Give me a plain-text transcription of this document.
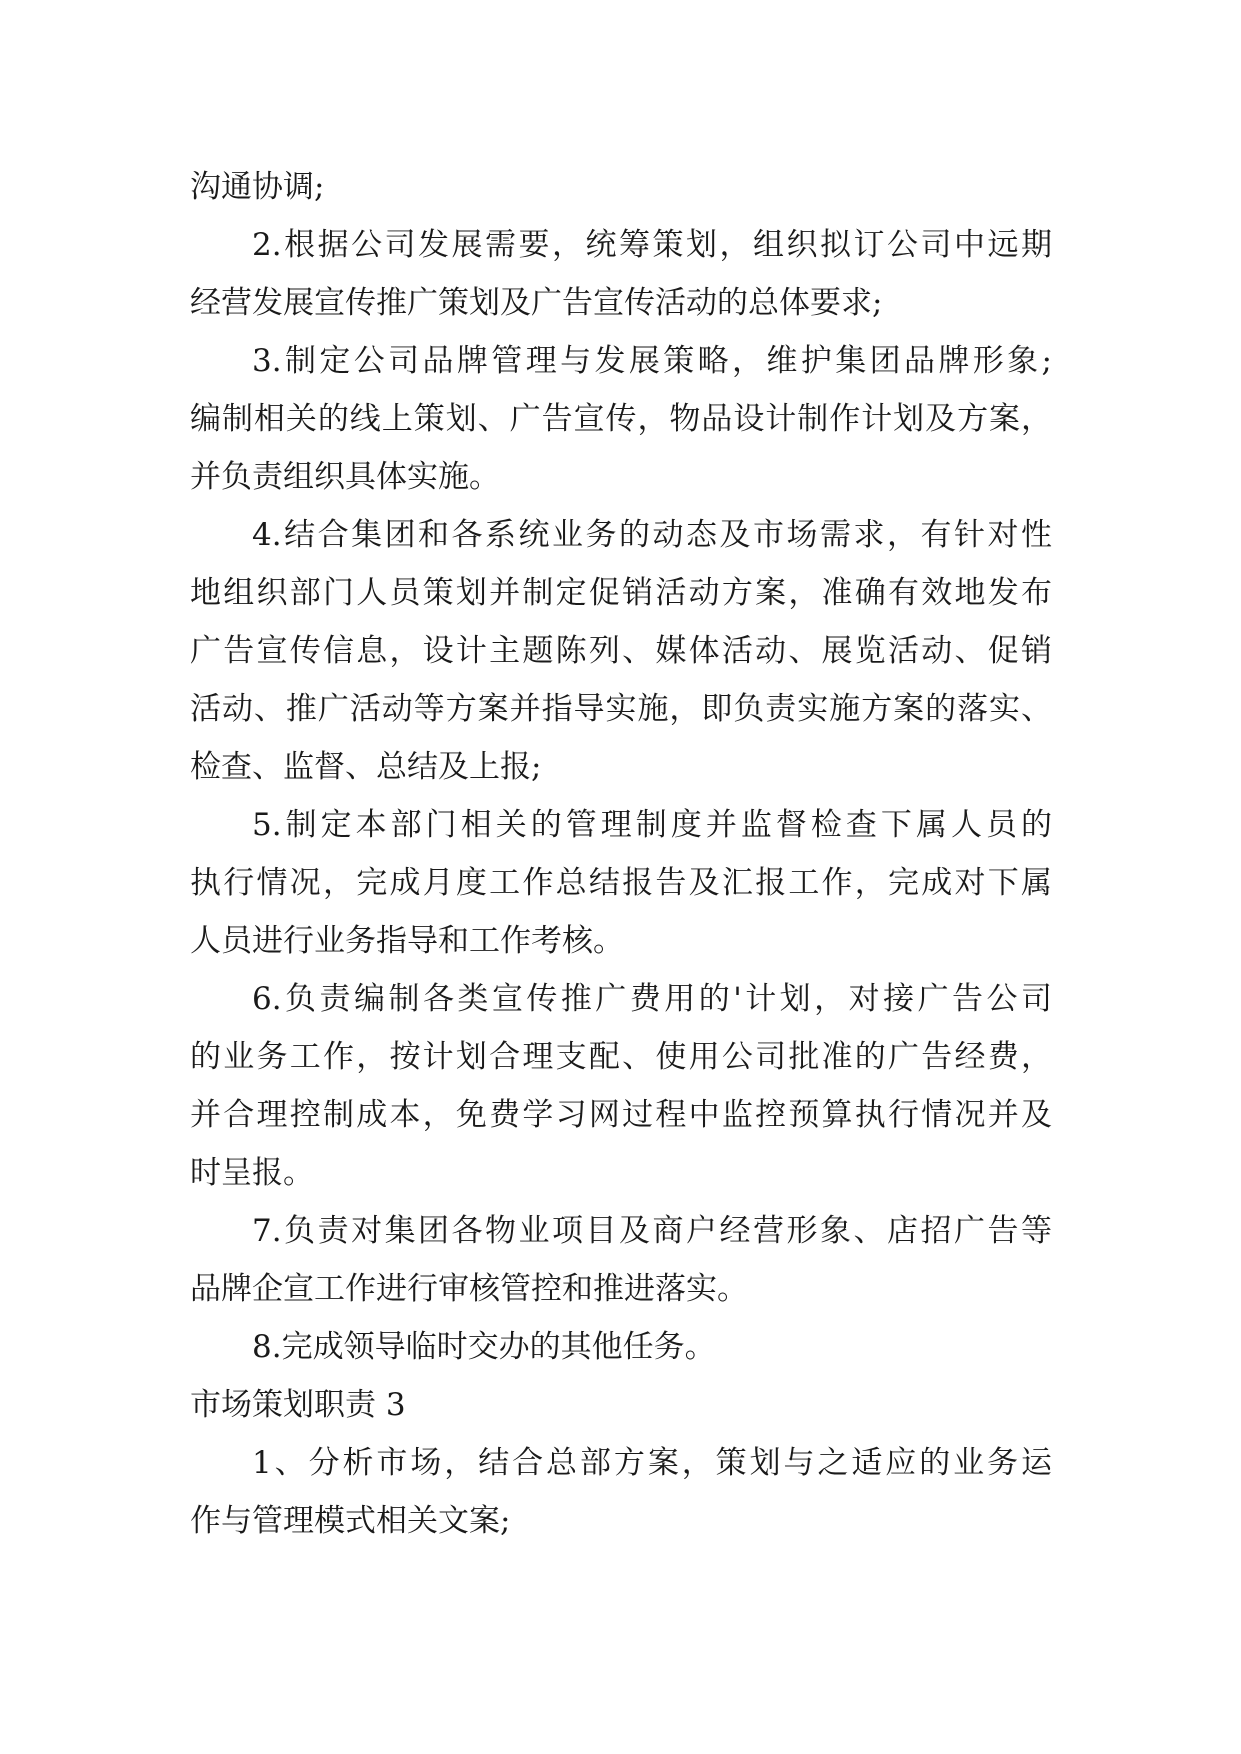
沟通协调;
2.根据公司发展需要，统筹策划，组织拟订公司中远期
经营发展宣传推广策划及广告宣传活动的总体要求;
3.制定公司品牌管理与发展策略，维护集团品牌形象;
编制相关的线上策划、广告宣传，物品设计制作计划及方案，
并负责组织具体实施。
4.结合集团和各系统业务的动态及市场需求，有针对性
地组织部门人员策划并制定促销活动方案，准确有效地发布
广告宣传信息，设计主题陈列、媒体活动、展览活动、促销
活动、推广活动等方案并指导实施，即负责实施方案的落实、
检查、监督、总结及上报;
5.制定本部门相关的管理制度并监督检查下属人员的
执行情况，完成月度工作总结报告及汇报工作，完成对下属
人员进行业务指导和工作考核。
6.负责编制各类宣传推广费用的'计划，对接广告公司
的业务工作，按计划合理支配、使用公司批准的广告经费，
并合理控制成本，免费学习网过程中监控预算执行情况并及
时呈报。
7.负责对集团各物业项目及商户经营形象、店招广告等
品牌企宣工作进行审核管控和推进落实。
8.完成领导临时交办的其他任务。
市场策划职责 3
1、分析市场，结合总部方案，策划与之适应的业务运
作与管理模式相关文案;
